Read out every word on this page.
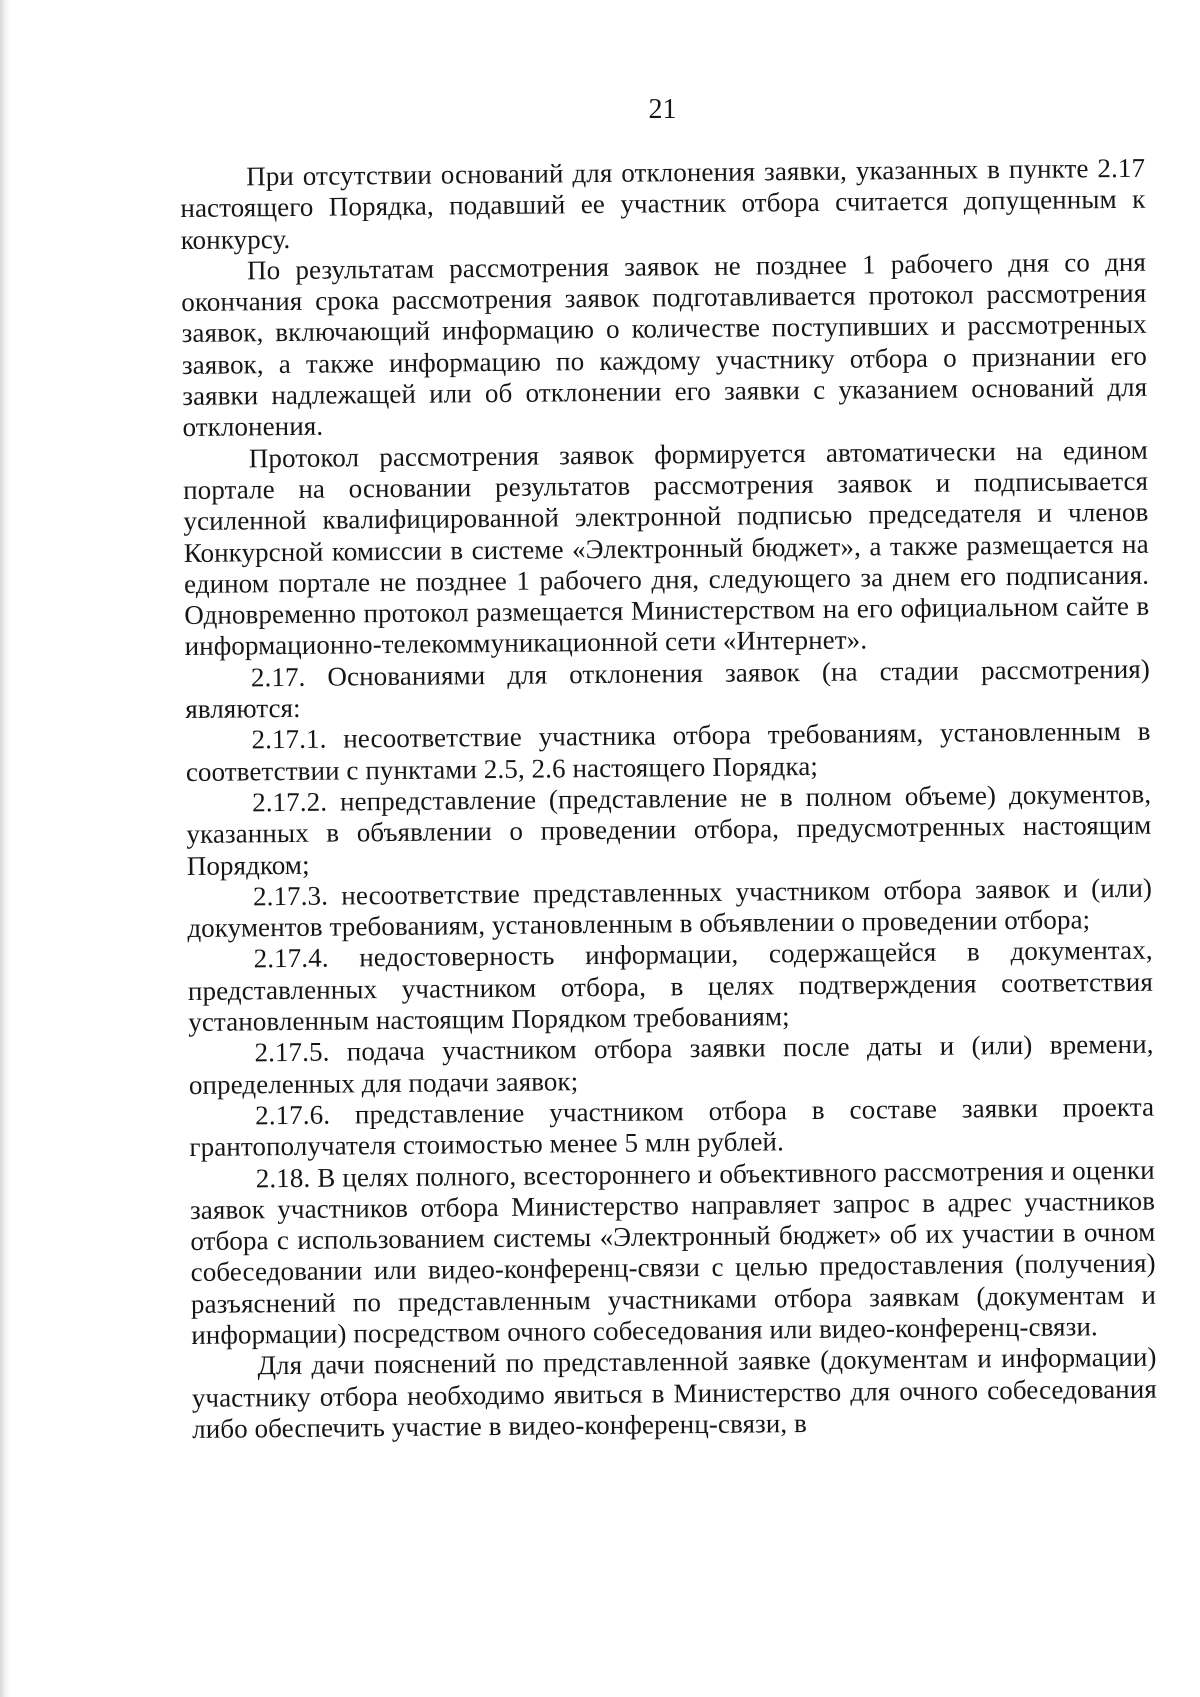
21

При отсутствии оснований для отклонения заявки, указанных в пункте 2.17 настоящего Порядка, подавший ее участник отбора считается допущенным к конкурсу.

По результатам рассмотрения заявок не позднее 1 рабочего дня со дня окончания срока рассмотрения заявок подготавливается протокол рассмотрения заявок, включающий информацию о количестве поступивших и рассмотренных заявок, а также информацию по каждому участнику отбора о признании его заявки надлежащей или об отклонении его заявки с указанием оснований для отклонения.

Протокол рассмотрения заявок формируется автоматически на едином портале на основании результатов рассмотрения заявок и подписывается усиленной квалифицированной электронной подписью председателя и членов Конкурсной комиссии в системе «Электронный бюджет», а также размещается на едином портале не позднее 1 рабочего дня, следующего за днем его подписания. Одновременно протокол размещается Министерством на его официальном сайте в информационно-телекоммуникационной сети «Интернет».

2.17. Основаниями для отклонения заявок (на стадии рассмотрения) являются:

2.17.1. несоответствие участника отбора требованиям, установленным в соответствии с пунктами 2.5, 2.6 настоящего Порядка;

2.17.2. непредставление (представление не в полном объеме) документов, указанных в объявлении о проведении отбора, предусмотренных настоящим Порядком;

2.17.3. несоответствие представленных участником отбора заявок и (или) документов требованиям, установленным в объявлении о проведении отбора;

2.17.4. недостоверность информации, содержащейся в документах, представленных участником отбора, в целях подтверждения соответствия установленным настоящим Порядком требованиям;

2.17.5. подача участником отбора заявки после даты и (или) времени, определенных для подачи заявок;

2.17.6. представление участником отбора в составе заявки проекта грантополучателя стоимостью менее 5 млн рублей.

2.18. В целях полного, всестороннего и объективного рассмотрения и оценки заявок участников отбора Министерство направляет запрос в адрес участников отбора с использованием системы «Электронный бюджет» об их участии в очном собеседовании или видео-конференц-связи с целью предоставления (получения) разъяснений по представленным участниками отбора заявкам (документам и информации) посредством очного собеседования или видео-конференц-связи.

Для дачи пояснений по представленной заявке (документам и информации) участнику отбора необходимо явиться в Министерство для очного собеседования либо обеспечить участие в видео-конференц-связи, в
